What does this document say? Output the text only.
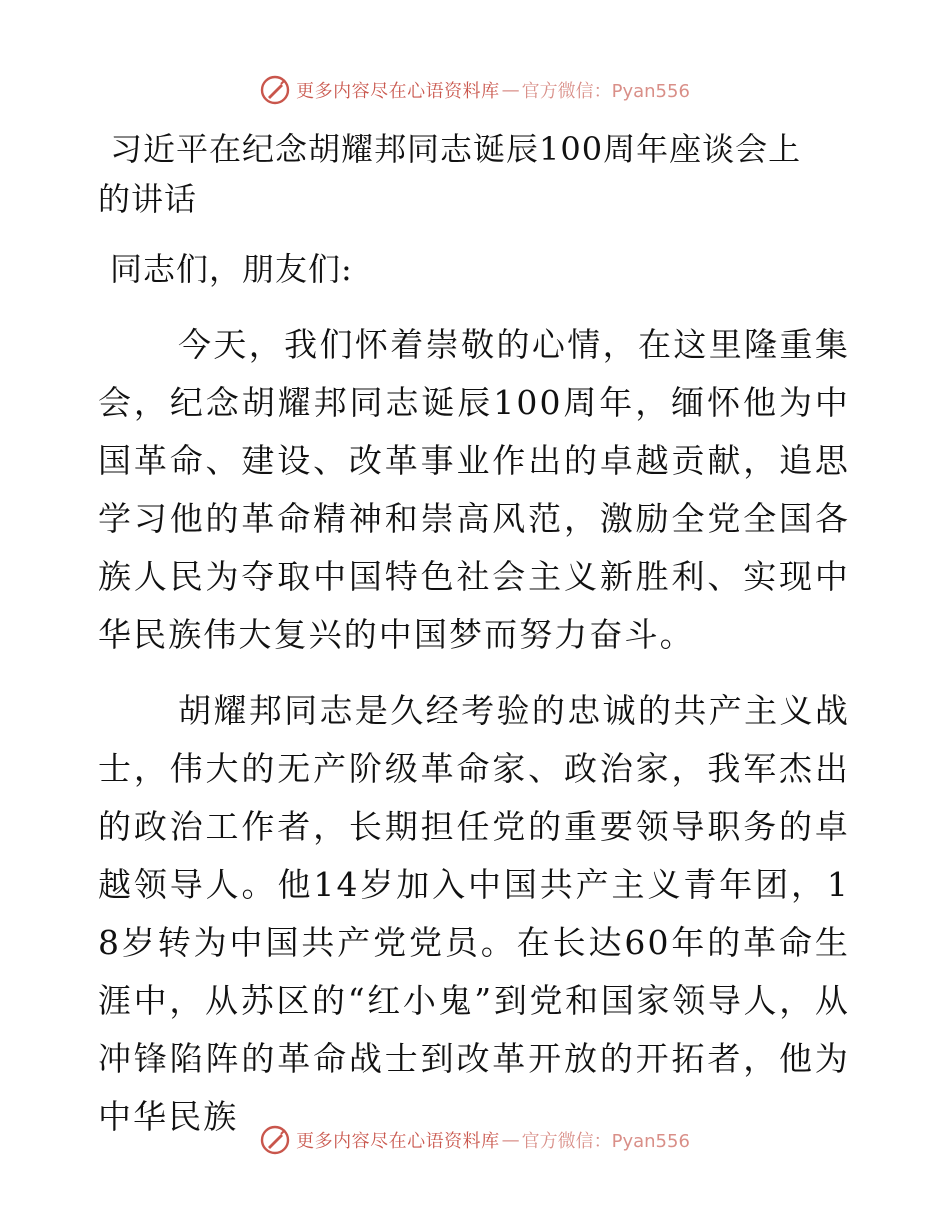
更多内容尽在心语资料库 — 官方微信：Pyan556
习近平在纪念胡耀邦同志诞辰100周年座谈会上
的讲话

同志们，朋友们:

今天，我们怀着崇敬的心情，在这里隆重集会，纪念胡耀邦同志诞辰100周年，缅怀他为中国革命、建设、改革事业作出的卓越贡献，追思学习他的革命精神和崇高风范，激励全党全国各族人民为夺取中国特色社会主义新胜利、实现中华民族伟大复兴的中国梦而努力奋斗。

胡耀邦同志是久经考验的忠诚的共产主义战士，伟大的无产阶级革命家、政治家，我军杰出的政治工作者，长期担任党的重要领导职务的卓越领导人。他14岁加入中国共产主义青年团，18岁转为中国共产党党员。在长达60年的革命生涯中，从苏区的“红小鬼”到党和国家领导人，从冲锋陷阵的革命战士到改革开放的开拓者，他为中华民族

更多内容尽在心语资料库 — 官方微信：Pyan556
